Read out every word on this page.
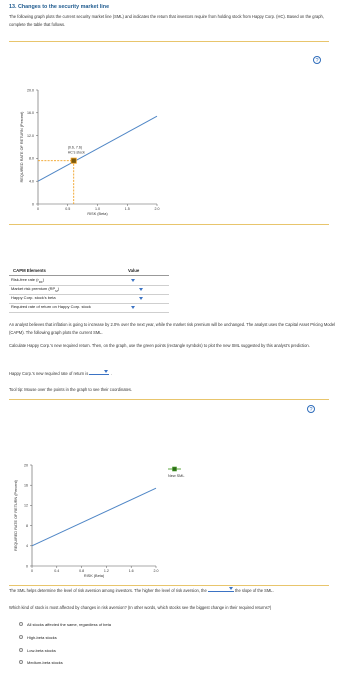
13. Changes to the security market line
The following graph plots the current security market line (SML) and indicates the return that investors require from holding stock from Happy Corp. (HC). Based on the graph, complete the table that follows.
0
4.0
8.0
12.0
16.0
20.0
0	0.5	1.0	1.5	2.0
RISK (Beta)
REQUIRED RATE OF RETURN (Percent)	(0.6, 7.6)
HC's stock
?
CAPM Elements	Value
Risk-free rate $(r_{RF})$
Market risk premium $(RP_M)$
Happy Corp. stock's beta
Required rate of return on Happy Corp. stock
An analyst believes that inflation is going to increase by 2.0% over the next year, while the market risk premium will be unchanged. The analyst uses the Capital Asset Pricing Model (CAPM). The following graph plots the current SML.
Calculate Happy Corp.'s new required return. Then, on the graph, use the green points (rectangle symbols) to plot the new SML suggested by this analyst's prediction.
Happy Corp.'s new required rate of return is	.
Tool tip: Mouse over the points in the graph to see their coordinates.
?
0
4
8
12
16
20
0	0.4	0.8	1.2	1.6	2.0
RISK (Beta)
REQUIRED RATE OF RETURN (Percent)
New SML
The SML helps determine the level of risk aversion among investors. The higher the level of risk aversion, the	the slope of the SML.
Which kind of stock is most affected by changes in risk aversion? (In other words, which stocks see the biggest change in their required returns?)
All stocks affected the same, regardless of beta
High-beta stocks
Low-beta stocks
Medium-beta stocks
